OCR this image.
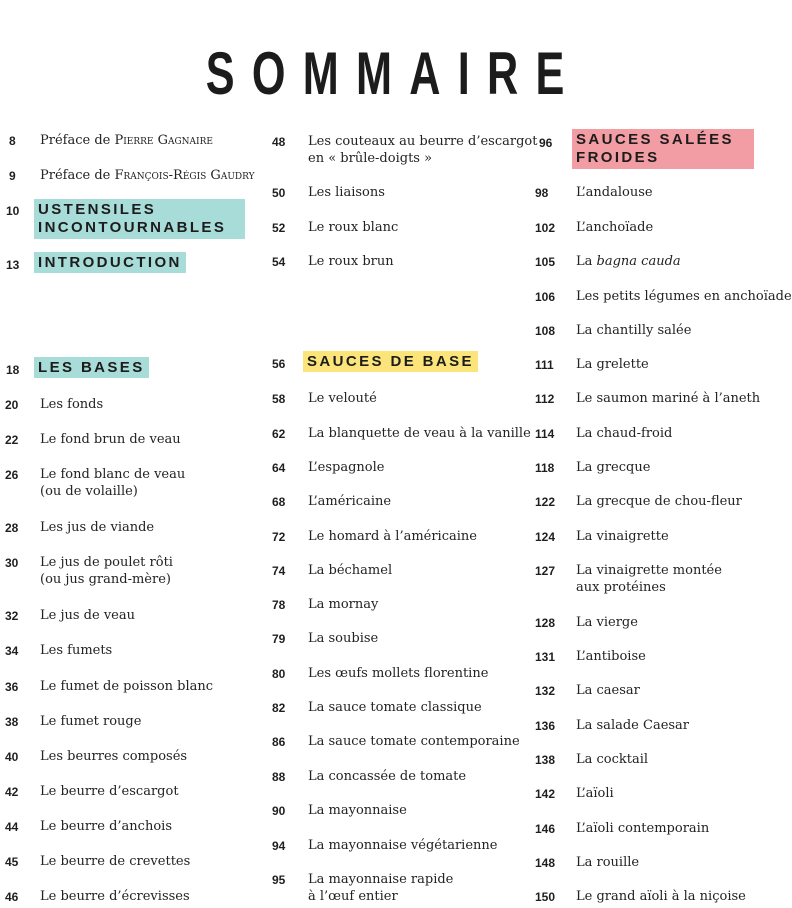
SOMMAIRE
8 Préface de Pierre Gagnaire
9 Préface de François-Régis Gaudry
10 USTENSILES
INCONTOURNABLES
13 INTRODUCTION
18 LES BASES
20 Les fonds
22 Le fond brun de veau
26 Le fond blanc de veau
(ou de volaille)
28 Les jus de viande
30 Le jus de poulet rôti
(ou jus grand-mère)
32 Le jus de veau
34 Les fumets
36 Le fumet de poisson blanc
38 Le fumet rouge
40 Les beurres composés
42 Le beurre d’escargot
44 Le beurre d’anchois
45 Le beurre de crevettes
46 Le beurre d’écrevisses
48 Les couteaux au beurre d’escargot
en « brûle-doigts »
50 Les liaisons
52 Le roux blanc
54 Le roux brun
56 SAUCES DE BASE
58 Le velouté
62 La blanquette de veau à la vanille
64 L’espagnole
68 L’américaine
72 Le homard à l’américaine
74 La béchamel
78 La mornay
79 La soubise
80 Les œufs mollets florentine
82 La sauce tomate classique
86 La sauce tomate contemporaine
88 La concassée de tomate
90 La mayonnaise
94 La mayonnaise végétarienne
95 La mayonnaise rapide
à l’œuf entier
96 SAUCES SALÉES
FROIDES
98 L’andalouse
102 L’anchoïade
105 La bagna cauda
106 Les petits légumes en anchoïade
108 La chantilly salée
111 La grelette
112 Le saumon mariné à l’aneth
114 La chaud-froid
118 La grecque
122 La grecque de chou-fleur
124 La vinaigrette
127 La vinaigrette montée
aux protéines
128 La vierge
131 L’antiboise
132 La caesar
136 La salade Caesar
138 La cocktail
142 L’aïoli
146 L’aïoli contemporain
148 La rouille
150 Le grand aïoli à la niçoise
